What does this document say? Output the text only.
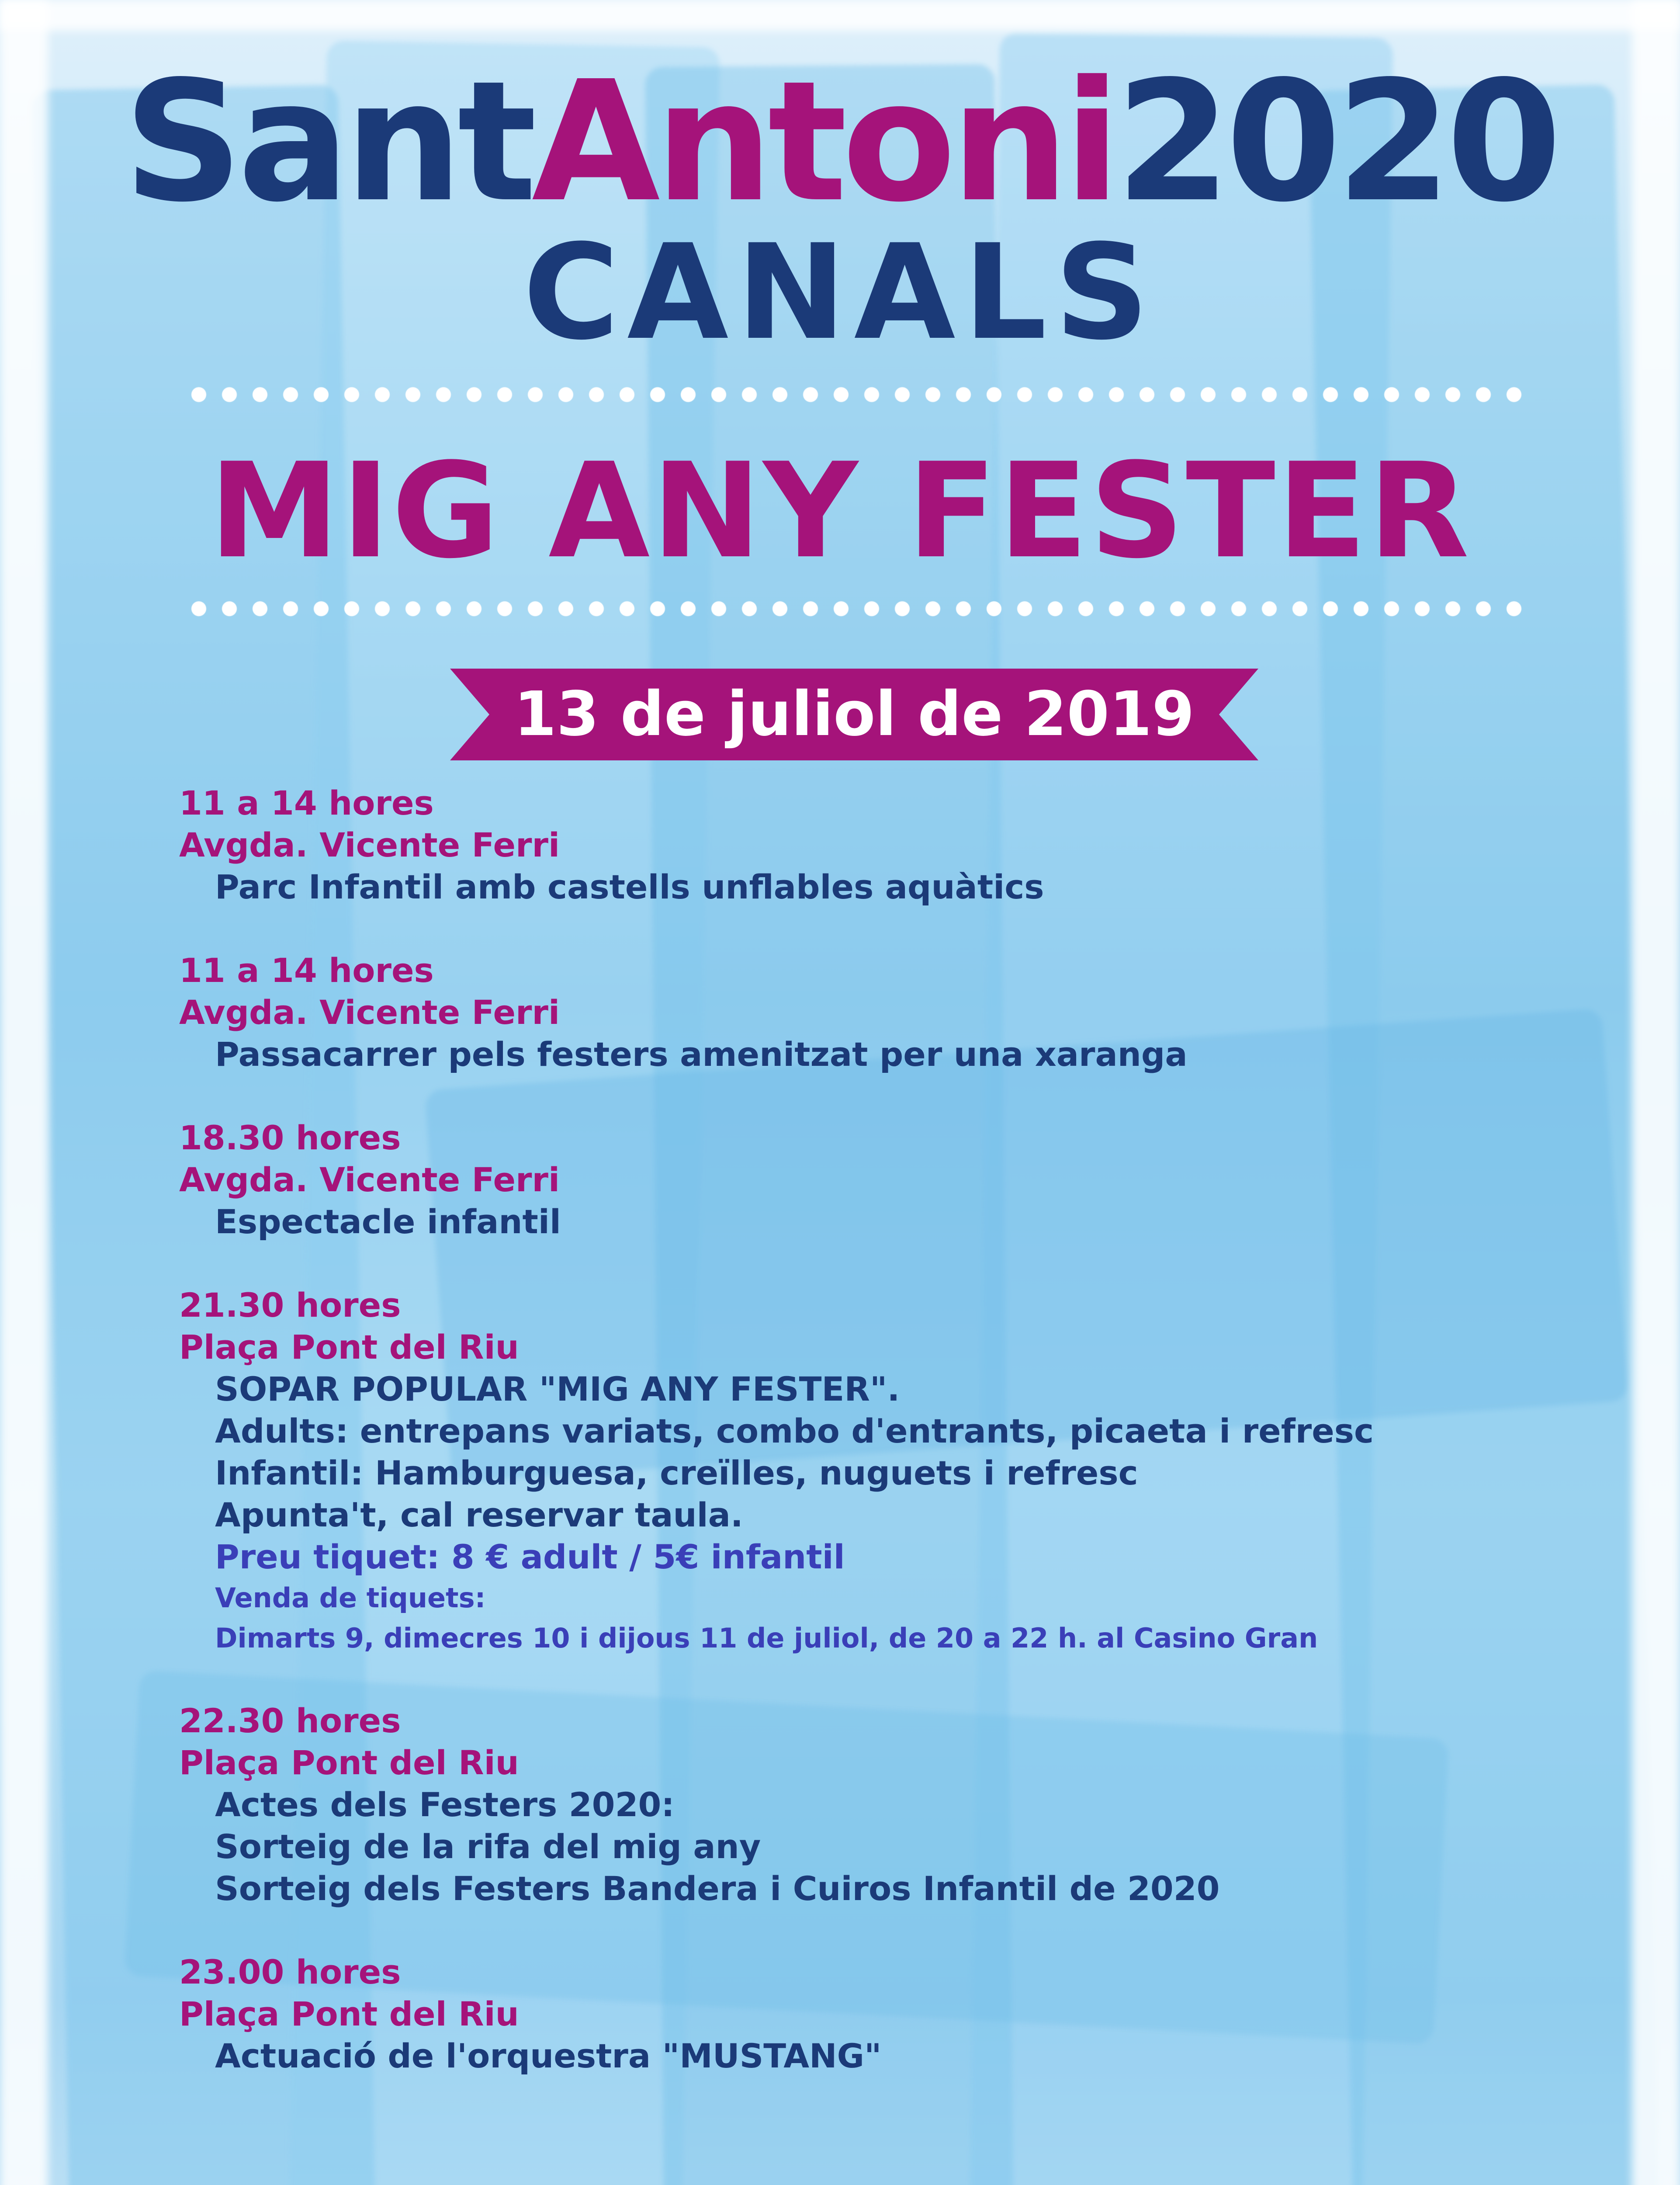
SantAntoni2020
CANALS
MIG ANY FESTER
13 de juliol de 2019
11 a 14 hores
Avgda. Vicente Ferri
Parc Infantil amb castells unflables aquàtics
11 a 14 hores
Avgda. Vicente Ferri
Passacarrer pels festers amenitzat per una xaranga
18.30 hores
Avgda. Vicente Ferri
Espectacle infantil
21.30 hores
Plaça Pont del Riu
SOPAR POPULAR "MIG ANY FESTER".
Adults: entrepans variats, combo d'entrants, picaeta i refresc
Infantil: Hamburguesa, creïlles, nuguets i refresc
Apunta't, cal reservar taula.
Preu tiquet: 8 € adult / 5€ infantil
Venda de tiquets:
Dimarts 9, dimecres 10 i dijous 11 de juliol, de 20 a 22 h. al Casino Gran
22.30 hores
Plaça Pont del Riu
Actes dels Festers 2020:
Sorteig de la rifa del mig any
Sorteig dels Festers Bandera i Cuiros Infantil de 2020
23.00 hores
Plaça Pont del Riu
Actuació de l'orquestra "MUSTANG"
